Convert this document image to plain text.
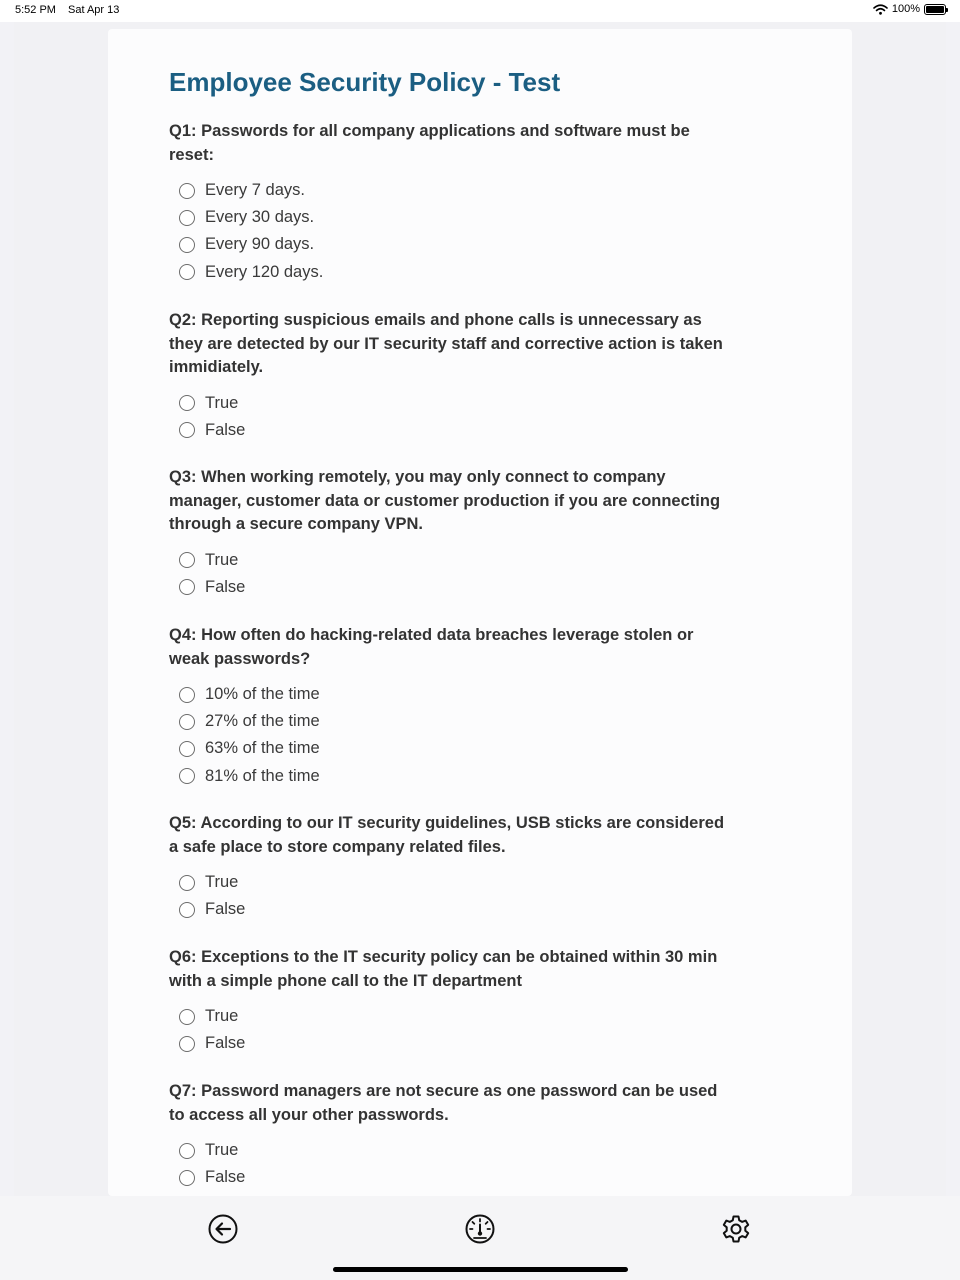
5:52 PM Sat Apr 13	100%
Employee Security Policy - Test
Q1: Passwords for all company applications and software must be reset:
Every 7 days.
Every 30 days.
Every 90 days.
Every 120 days.
Q2: Reporting suspicious emails and phone calls is unnecessary as they are detected by our IT security staff and corrective action is taken immidiately.
True
False
Q3: When working remotely, you may only connect to company manager, customer data or customer production if you are connecting through a secure company VPN.
True
False
Q4: How often do hacking-related data breaches leverage stolen or weak passwords?
10% of the time
27% of the time
63% of the time
81% of the time
Q5: According to our IT security guidelines, USB sticks are considered a safe place to store company related files.
True
False
Q6: Exceptions to the IT security policy can be obtained within 30 min with a simple phone call to the IT department
True
False
Q7: Password managers are not secure as one password can be used to access all your other passwords.
True
False
